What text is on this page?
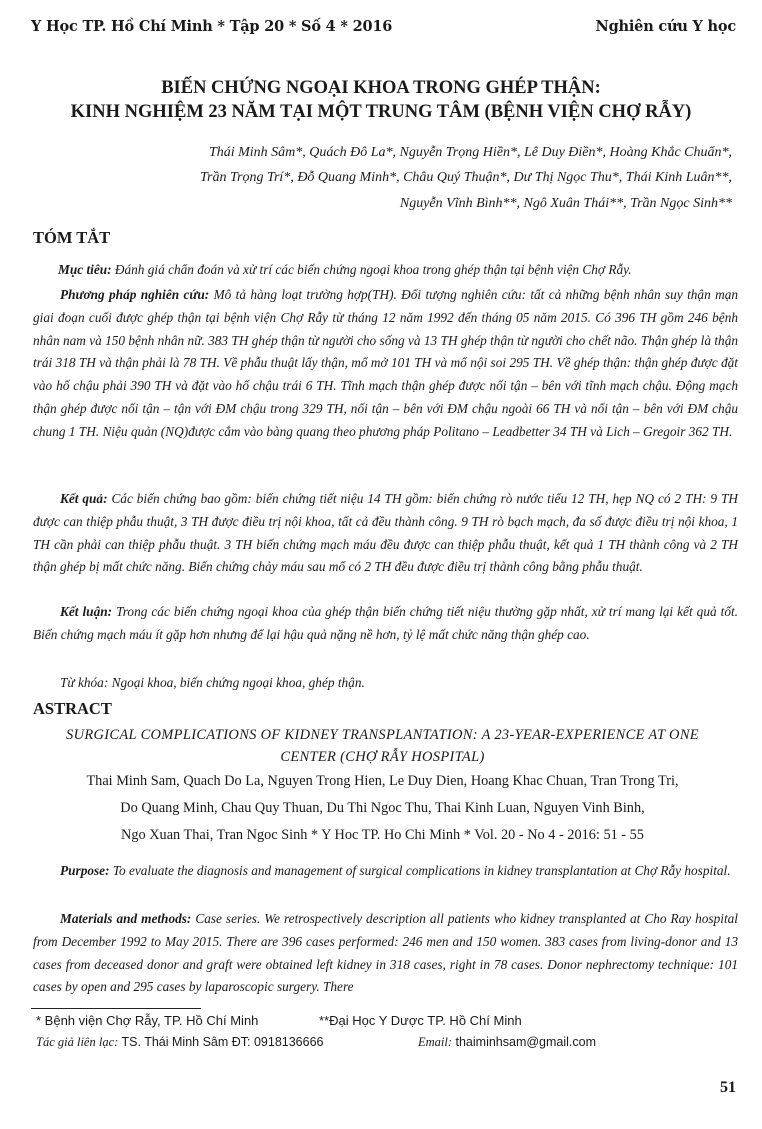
Y Học TP. Hồ Chí Minh * Tập 20 * Số 4 * 2016	Nghiên cứu Y học
BIẾN CHỨNG NGOẠI KHOA TRONG GHÉP THẬN:
KINH NGHIỆM 23 NĂM TẠI MỘT TRUNG TÂM (BỆNH VIỆN CHỢ RẪY)
Thái Minh Sâm*, Quách Đô La*, Nguyễn Trọng Hiền*, Lê Duy Điền*, Hoàng Khắc Chuẩn*,
Trần Trọng Trí*, Đỗ Quang Minh*, Châu Quý Thuận*, Dư Thị Ngọc Thu*, Thái Kinh Luân**,
Nguyễn Vĩnh Bình**, Ngô Xuân Thái**, Trần Ngọc Sinh**
TÓM TẮT
Mục tiêu: Đánh giá chẩn đoán và xử trí các biến chứng ngoại khoa trong ghép thận tại bệnh viện Chợ Rẫy.
Phương pháp nghiên cứu: Mô tả hàng loạt trường hợp(TH). Đối tượng nghiên cứu: tất cả những bệnh nhân suy thận mạn giai đoạn cuối được ghép thận tại bệnh viện Chợ Rẫy từ tháng 12 năm 1992 đến tháng 05 năm 2015. Có 396 TH gồm 246 bệnh nhân nam và 150 bệnh nhân nữ. 383 TH ghép thận từ người cho sống và 13 TH ghép thận từ người cho chết não. Thận ghép là thận trái 318 TH và thận phải là 78 TH. Về phẫu thuật lấy thận, mổ mở 101 TH và mổ nội soi 295 TH. Về ghép thận: thận ghép được đặt vào hố chậu phải 390 TH và đặt vào hố chậu trái 6 TH. Tĩnh mạch thận ghép được nối tận – bên với tĩnh mạch chậu. Động mạch thận ghép được nối tận – tận với ĐM chậu trong 329 TH, nối tận – bên với ĐM chậu ngoài 66 TH và nối tận – bên với ĐM chậu chung 1 TH. Niệu quản (NQ)được cắm vào bàng quang theo phương pháp Politano – Leadbetter 34 TH và Lich – Gregoir 362 TH.
Kết quả: Các biến chứng bao gồm: biến chứng tiết niệu 14 TH gồm: biến chứng rò nước tiểu 12 TH, hẹp NQ có 2 TH: 9 TH được can thiệp phẫu thuật, 3 TH được điều trị nội khoa, tất cả đều thành công. 9 TH rò bạch mạch, đa số được điều trị nội khoa, 1 TH cần phải can thiệp phẫu thuật. 3 TH biến chứng mạch máu đều được can thiệp phẫu thuật, kết quả 1 TH thành công và 2 TH thận ghép bị mất chức năng. Biến chứng chảy máu sau mổ có 2 TH đều được điều trị thành công bằng phẫu thuật.
Kết luận: Trong các biến chứng ngoại khoa của ghép thận biến chứng tiết niệu thường gặp nhất, xử trí mang lại kết quả tốt. Biến chứng mạch máu ít gặp hơn nhưng để lại hậu quả nặng nề hơn, tỷ lệ mất chức năng thận ghép cao.
Từ khóa: Ngoại khoa, biến chứng ngoại khoa, ghép thận.
ASTRACT
SURGICAL COMPLICATIONS OF KIDNEY TRANSPLANTATION: A 23-YEAR-EXPERIENCE AT ONE
CENTER (CHỢ RẪY HOSPITAL)
Thai Minh Sam, Quach Do La, Nguyen Trong Hien, Le Duy Dien, Hoang Khac Chuan, Tran Trong Tri,
Do Quang Minh, Chau Quy Thuan, Du Thi Ngoc Thu, Thai Kinh Luan, Nguyen Vinh Binh,
Ngo Xuan Thai, Tran Ngoc Sinh * Y Hoc TP. Ho Chi Minh * Vol. 20 - No 4 - 2016: 51 - 55
Purpose: To evaluate the diagnosis and management of surgical complications in kidney transplantation at Chợ Rẫy hospital.
Materials and methods: Case series. We retrospectively description all patients who kidney transplanted at Cho Ray hospital from December 1992 to May 2015. There are 396 cases performed: 246 men and 150 women. 383 cases from living-donor and 13 cases from deceased donor and graft were obtained left kidney in 318 cases, right in 78 cases. Donor nephrectomy technique: 101 cases by open and 295 cases by laparoscopic surgery. There
* Bệnh viện Chợ Rẫy, TP. Hồ Chí Minh	**Đại Học Y Dược TP. Hồ Chí Minh
Tác giả liên lạc: TS. Thái Minh Sâm ĐT: 0918136666	Email: thaiminhsam@gmail.com
51
